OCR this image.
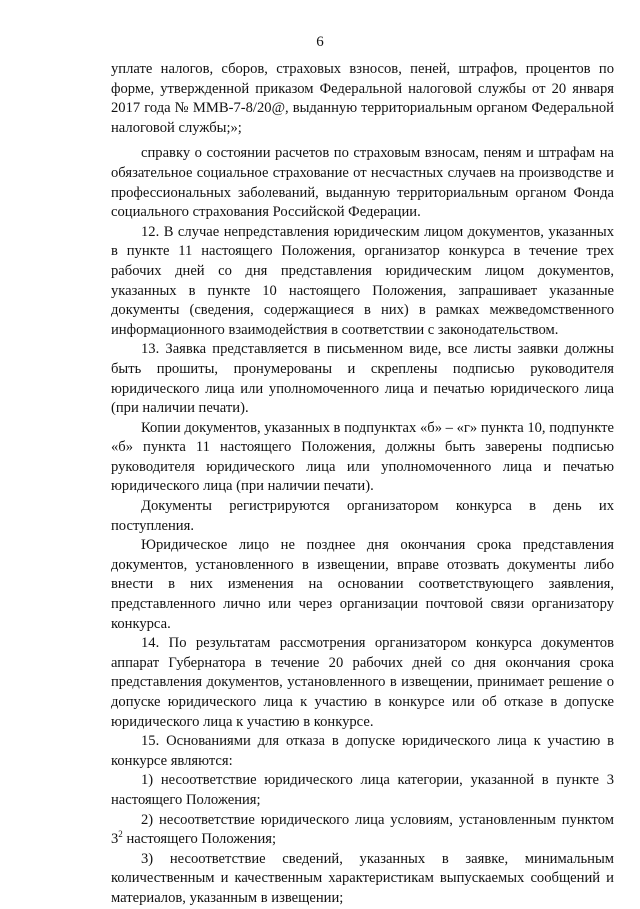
6

уплате налогов, сборов, страховых взносов, пеней, штрафов, процентов по форме, утвержденной приказом Федеральной налоговой службы от 20 января 2017 года № ММВ-7-8/20@, выданную территориальным органом Федеральной налоговой службы;»;

справку о состоянии расчетов по страховым взносам, пеням и штрафам на обязательное социальное страхование от несчастных случаев на производстве и профессиональных заболеваний, выданную территориальным органом Фонда социального страхования Российской Федерации.

12. В случае непредставления юридическим лицом документов, указанных в пункте 11 настоящего Положения, организатор конкурса в течение трех рабочих дней со дня представления юридическим лицом документов, указанных в пункте 10 настоящего Положения, запрашивает указанные документы (сведения, содержащиеся в них) в рамках межведомственного информационного взаимодействия в соответствии с законодательством.

13. Заявка представляется в письменном виде, все листы заявки должны быть прошиты, пронумерованы и скреплены подписью руководителя юридического лица или уполномоченного лица и печатью юридического лица (при наличии печати).

Копии документов, указанных в подпунктах «б» – «г» пункта 10, подпункте «б» пункта 11 настоящего Положения, должны быть заверены подписью руководителя юридического лица или уполномоченного лица и печатью юридического лица (при наличии печати).

Документы регистрируются организатором конкурса в день их поступления.

Юридическое лицо не позднее дня окончания срока представления документов, установленного в извещении, вправе отозвать документы либо внести в них изменения на основании соответствующего заявления, представленного лично или через организации почтовой связи организатору конкурса.

14. По результатам рассмотрения организатором конкурса документов аппарат Губернатора в течение 20 рабочих дней со дня окончания срока представления документов, установленного в извещении, принимает решение о допуске юридического лица к участию в конкурсе или об отказе в допуске юридического лица к участию в конкурсе.

15. Основаниями для отказа в допуске юридического лица к участию в конкурсе являются:

1) несоответствие юридического лица категории, указанной в пункте 3 настоящего Положения;

2) несоответствие юридического лица условиям, установленным пунктом $3^2$ настоящего Положения;

3) несоответствие сведений, указанных в заявке, минимальным количественным и качественным характеристикам выпускаемых сообщений и материалов, указанным в извещении;
